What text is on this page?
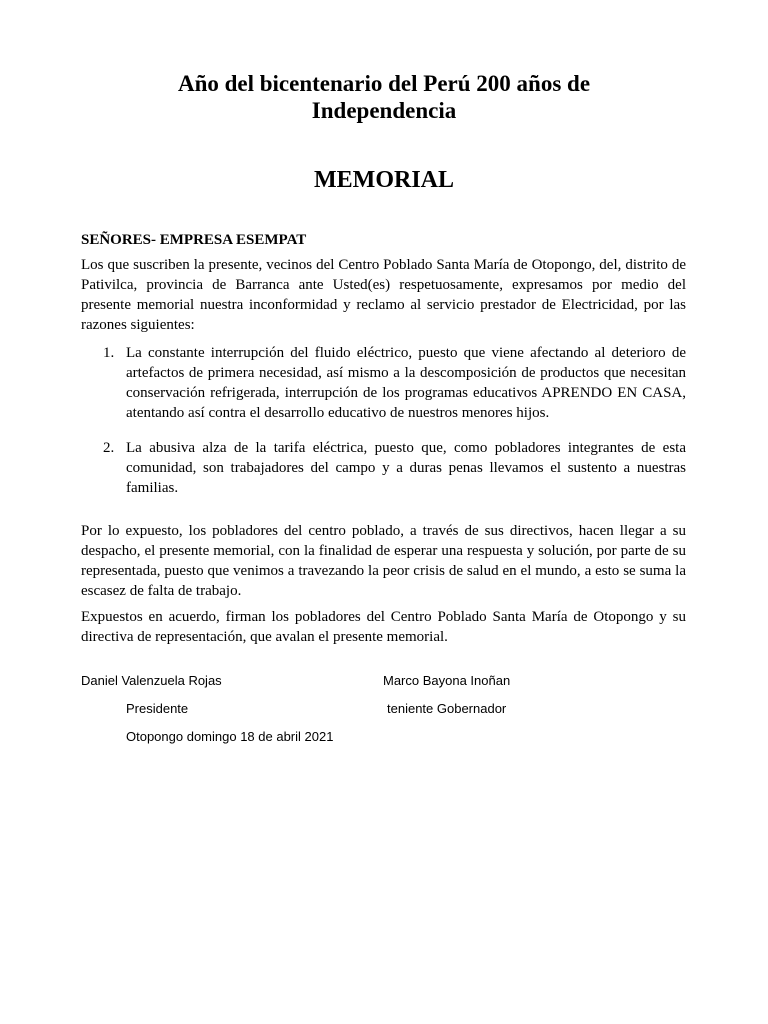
Año del bicentenario del Perú 200 años de Independencia
MEMORIAL

SEÑORES- EMPRESA ESEMPAT

Los que suscriben la presente, vecinos del Centro Poblado Santa María de Otopongo, del, distrito de Pativilca, provincia de Barranca ante Usted(es) respetuosamente, expresamos por medio del presente memorial nuestra inconformidad y reclamo al servicio prestador de Electricidad, por las razones siguientes:

1. La constante interrupción del fluido eléctrico, puesto que viene afectando al deterioro de artefactos de primera necesidad, así mismo a la descomposición de productos que necesitan conservación refrigerada, interrupción de los programas educativos APRENDO EN CASA, atentando así contra el desarrollo educativo de nuestros menores hijos.
2. La abusiva alza de la tarifa eléctrica, puesto que, como pobladores integrantes de esta comunidad, son trabajadores del campo y a duras penas llevamos el sustento a nuestras familias.

Por lo expuesto, los pobladores del centro poblado, a través de sus directivos, hacen llegar a su despacho, el presente memorial, con la finalidad de esperar una respuesta y solución, por parte de su representada, puesto que venimos a travezando la peor crisis de salud en el mundo, a esto se suma la escasez de falta de trabajo.

Expuestos en acuerdo, firman los pobladores del Centro Poblado Santa María de Otopongo y su directiva de representación, que avalan el presente memorial.

Daniel Valenzuela Rojas	Marco Bayona Inoñan
Presidente	teniente Gobernador
Otopongo domingo 18 de abril 2021
